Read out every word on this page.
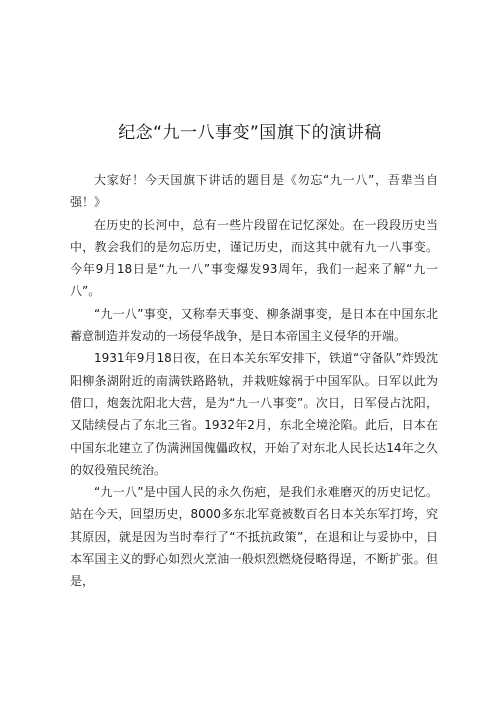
纪念“九一八事变”国旗下的演讲稿

大家好！今天国旗下讲话的题目是《勿忘“九一八”，吾辈当自强！》

在历史的长河中，总有一些片段留在记忆深处。在一段段历史当中，教会我们的是勿忘历史，谨记历史，而这其中就有九一八事变。今年9月18日是“九一八”事变爆发93周年，我们一起来了解“九一八”。

“九一八”事变，又称奉天事变、柳条湖事变，是日本在中国东北蓄意制造并发动的一场侵华战争，是日本帝国主义侵华的开端。

1931年9月18日夜，在日本关东军安排下，铁道“守备队”炸毁沈阳柳条湖附近的南满铁路路轨，并栽赃嫁祸于中国军队。日军以此为借口，炮轰沈阳北大营，是为“九一八事变”。次日，日军侵占沈阳，又陆续侵占了东北三省。1932年2月，东北全境沦陷。此后，日本在中国东北建立了伪满洲国傀儡政权，开始了对东北人民长达14年之久的奴役殖民统治。

“九一八”是中国人民的永久伤疤，是我们永难磨灭的历史记忆。站在今天，回望历史，8000多东北军竟被数百名日本关东军打垮，究其原因，就是因为当时奉行了“不抵抗政策”，在退和让与妥协中，日本军国主义的野心如烈火烹油一般炽烈燃烧侵略得逞，不断扩张。但是，
